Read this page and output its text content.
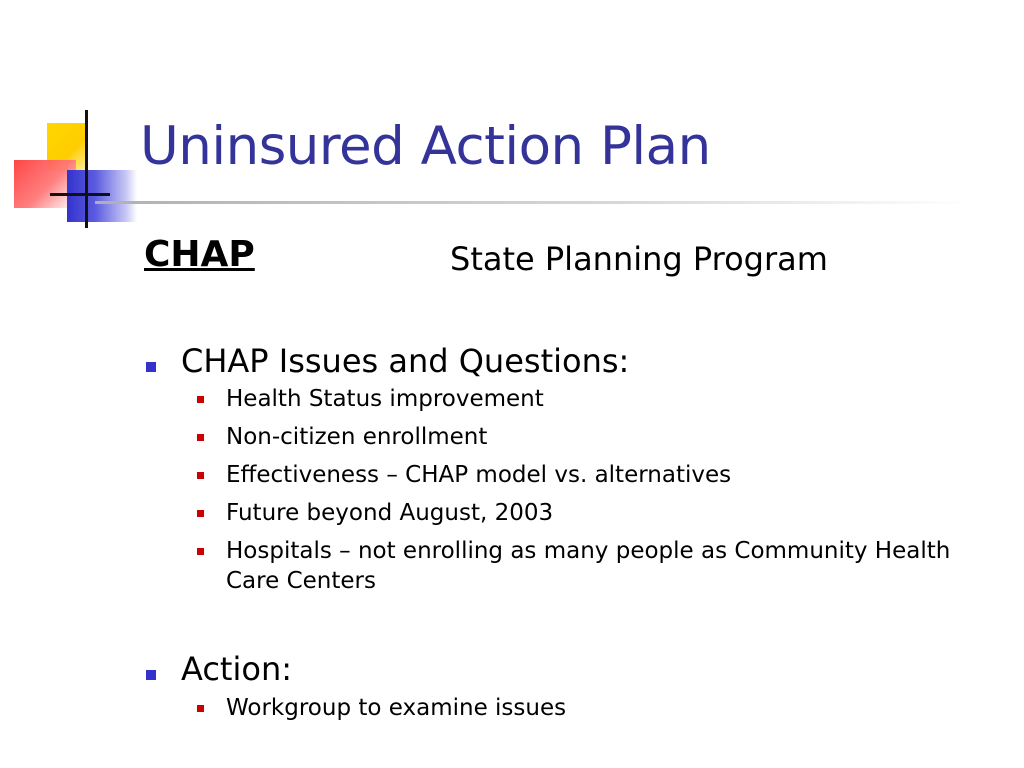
Uninsured Action Plan
CHAP	State Planning Program
CHAP Issues and Questions:
Health Status improvement
Non-citizen enrollment
Effectiveness – CHAP model vs. alternatives
Future beyond August, 2003
Hospitals – not enrolling as many people as Community Health Care Centers
Action:
Workgroup to examine issues
